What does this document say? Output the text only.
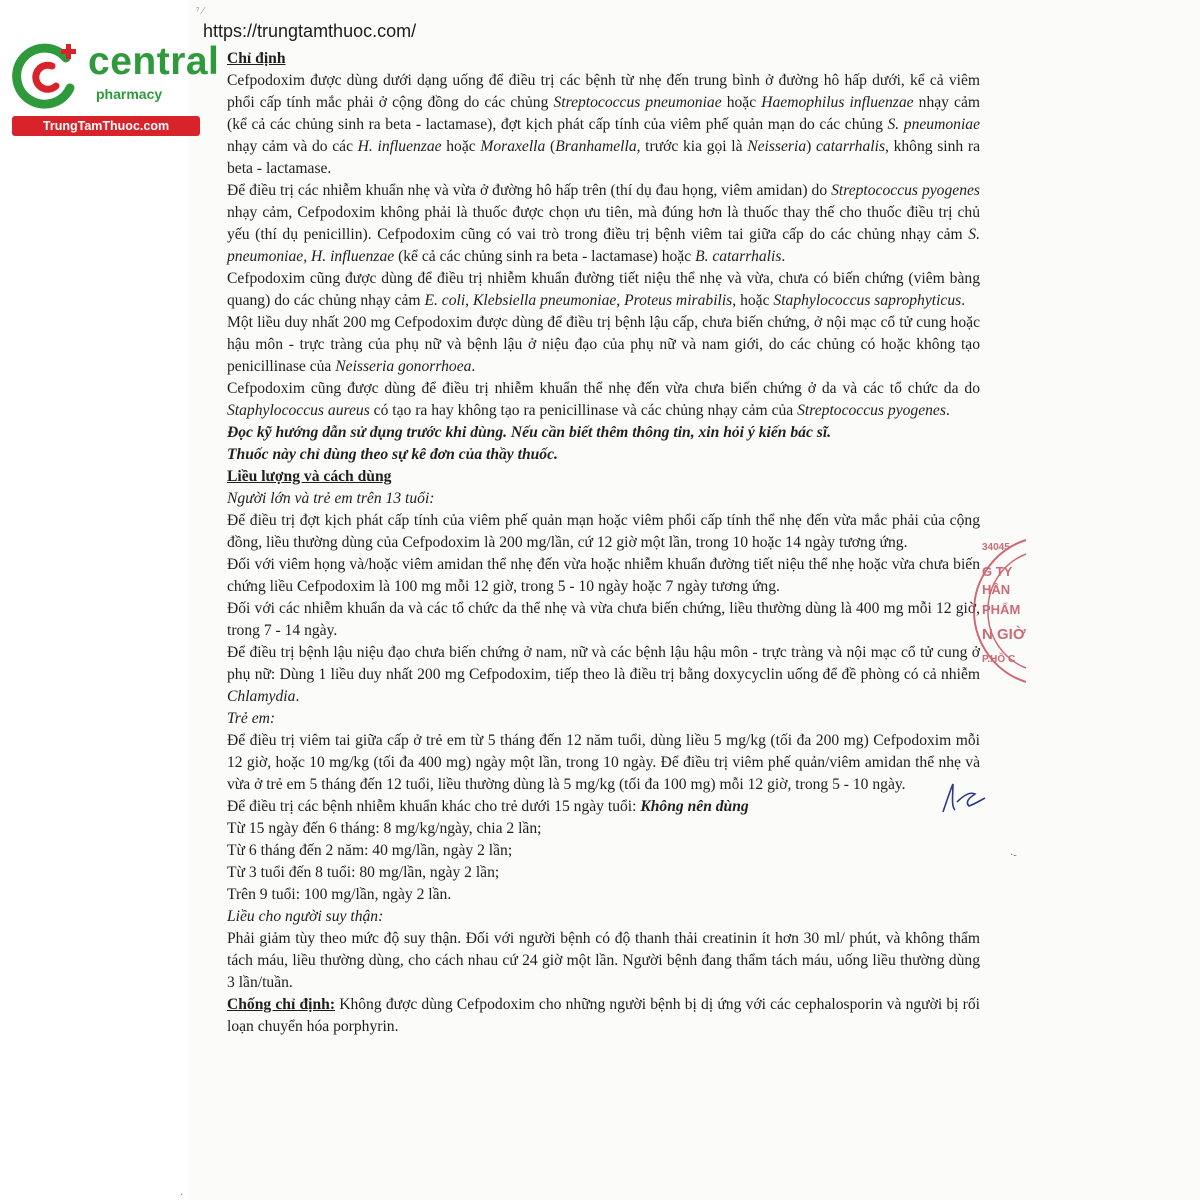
⁷ ⁄
https://trungtamthuoc.com/
central
pharmacy
TrungTamThuoc.com

Chỉ định

Cefpodoxim được dùng dưới dạng uống để điều trị các bệnh từ nhẹ đến trung bình ở đường hô hấp dưới, kể cả viêm phổi cấp tính mắc phải ở cộng đồng do các chủng Streptococcus pneumoniae hoặc Haemophilus influenzae nhạy cảm (kể cả các chủng sinh ra beta - lactamase), đợt kịch phát cấp tính của viêm phế quản mạn do các chủng S. pneumoniae nhạy cảm và do các H. influenzae hoặc Moraxella (Branhamella, trước kia gọi là Neisseria) catarrhalis, không sinh ra beta - lactamase.

Để điều trị các nhiễm khuẩn nhẹ và vừa ở đường hô hấp trên (thí dụ đau họng, viêm amidan) do Streptococcus pyogenes nhạy cảm, Cefpodoxim không phải là thuốc được chọn ưu tiên, mà đúng hơn là thuốc thay thế cho thuốc điều trị chủ yếu (thí dụ penicillin). Cefpodoxim cũng có vai trò trong điều trị bệnh viêm tai giữa cấp do các chủng nhạy cảm S. pneumoniae, H. influenzae (kể cả các chủng sinh ra beta - lactamase) hoặc B. catarrhalis.

Cefpodoxim cũng được dùng để điều trị nhiễm khuẩn đường tiết niệu thể nhẹ và vừa, chưa có biến chứng (viêm bàng quang) do các chủng nhạy cảm E. coli, Klebsiella pneumoniae, Proteus mirabilis, hoặc Staphylococcus saprophyticus.

Một liều duy nhất 200 mg Cefpodoxim được dùng để điều trị bệnh lậu cấp, chưa biến chứng, ở nội mạc cổ tử cung hoặc hậu môn - trực tràng của phụ nữ và bệnh lậu ở niệu đạo của phụ nữ và nam giới, do các chủng có hoặc không tạo penicillinase của Neisseria gonorrhoea.

Cefpodoxim cũng được dùng để điều trị nhiễm khuẩn thể nhẹ đến vừa chưa biến chứng ở da và các tổ chức da do Staphylococcus aureus có tạo ra hay không tạo ra penicillinase và các chủng nhạy cảm của Streptococcus pyogenes.

Đọc kỹ hướng dẫn sử dụng trước khi dùng. Nếu cần biết thêm thông tin, xin hỏi ý kiến bác sĩ.

Thuốc này chỉ dùng theo sự kê đơn của thầy thuốc.

Liều lượng và cách dùng

Người lớn và trẻ em trên 13 tuổi:

Để điều trị đợt kịch phát cấp tính của viêm phế quản mạn hoặc viêm phổi cấp tính thể nhẹ đến vừa mắc phải của cộng đồng, liều thường dùng của Cefpodoxim là 200 mg/lần, cứ 12 giờ một lần, trong 10 hoặc 14 ngày tương ứng.

Đối với viêm họng và/hoặc viêm amidan thể nhẹ đến vừa hoặc nhiễm khuẩn đường tiết niệu thể nhẹ hoặc vừa chưa biến chứng liều Cefpodoxim là 100 mg mỗi 12 giờ, trong 5 - 10 ngày hoặc 7 ngày tương ứng.

Đối với các nhiễm khuẩn da và các tổ chức da thể nhẹ và vừa chưa biến chứng, liều thường dùng là 400 mg mỗi 12 giờ, trong 7 - 14 ngày.

Để điều trị bệnh lậu niệu đạo chưa biến chứng ở nam, nữ và các bệnh lậu hậu môn - trực tràng và nội mạc cổ tử cung ở phụ nữ: Dùng 1 liều duy nhất 200 mg Cefpodoxim, tiếp theo là điều trị bằng doxycyclin uống để đề phòng có cả nhiễm Chlamydia.

Trẻ em:

Để điều trị viêm tai giữa cấp ở trẻ em từ 5 tháng đến 12 năm tuổi, dùng liều 5 mg/kg (tối đa 200 mg) Cefpodoxim mỗi 12 giờ, hoặc 10 mg/kg (tối đa 400 mg) ngày một lần, trong 10 ngày. Để điều trị viêm phế quản/viêm amidan thể nhẹ và vừa ở trẻ em 5 tháng đến 12 tuổi, liều thường dùng là 5 mg/kg (tối đa 100 mg) mỗi 12 giờ, trong 5 - 10 ngày.

Để điều trị các bệnh nhiễm khuẩn khác cho trẻ dưới 15 ngày tuổi: Không nên dùng

Từ 15 ngày đến 6 tháng: 8 mg/kg/ngày, chia 2 lần;

Từ 6 tháng đến 2 năm: 40 mg/lần, ngày 2 lần;

Từ 3 tuổi đến 8 tuổi: 80 mg/lần, ngày 2 lần;

Trên 9 tuổi: 100 mg/lần, ngày 2 lần.

Liều cho người suy thận:

Phải giảm tùy theo mức độ suy thận. Đối với người bệnh có độ thanh thải creatinin ít hơn 30 ml/ phút, và không thẩm tách máu, liều thường dùng, cho cách nhau cứ 24 giờ một lần. Người bệnh đang thẩm tách máu, uống liều thường dùng 3 lần/tuần.

Chống chỉ định: Không được dùng Cefpodoxim cho những người bệnh bị dị ứng với các cephalosporin và người bị rối loạn chuyển hóa porphyrin.

34045
G TY
HẦN
PHẨM
N GIỜ
P.HỒ C
·-
·
